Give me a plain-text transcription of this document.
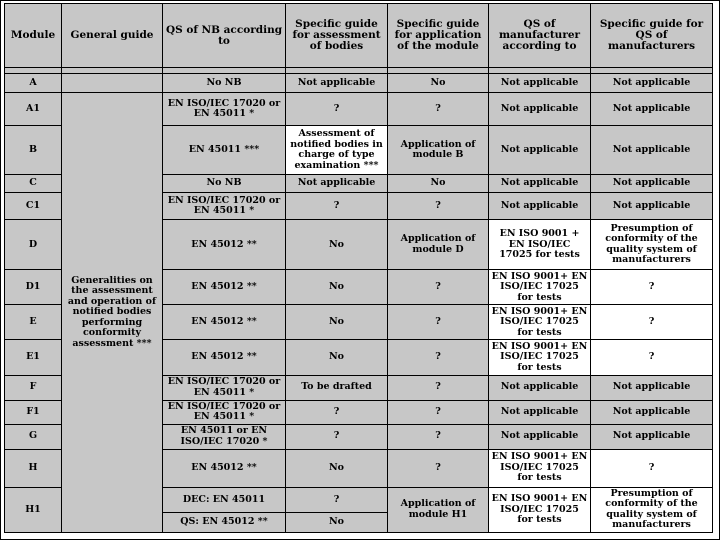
Module	General guide	QS of NB according to	Specific guide for assessment of bodies	Specific guide for application of the module	QS of manufacturer according to	Specific guide for QS of manufacturers

A		No NB	Not applicable	No	Not applicable	Not applicable
A1	Generalities on the assessment and operation of notified bodies performing conformity assessment ***	EN ISO/IEC 17020 or EN 45011 *	?	?	Not applicable	Not applicable
B		EN 45011 ***	Assessment of notified bodies in charge of type examination ***	Application of module B	Not applicable	Not applicable
C		No NB	Not applicable	No	Not applicable	Not applicable
C1		EN ISO/IEC 17020 or EN 45011 *	?	?	Not applicable	Not applicable
D		EN 45012 **	No	Application of module D	EN ISO 9001 + EN ISO/IEC 17025 for tests	Presumption of conformity of the quality system of manufacturers
D1		EN 45012 **	No	?	EN ISO 9001+ EN ISO/IEC 17025 for tests	?
E		EN 45012 **	No	?	EN ISO 9001+ EN ISO/IEC 17025 for tests	?
E1		EN 45012 **	No	?	EN ISO 9001+ EN ISO/IEC 17025 for tests	?
F		EN ISO/IEC 17020 or EN 45011 *	To be drafted	?	Not applicable	Not applicable
F1		EN ISO/IEC 17020 or EN 45011 *	?	?	Not applicable	Not applicable
G		EN 45011 or EN ISO/IEC 17020 *	?	?	Not applicable	Not applicable
H		EN 45012 **	No	?	EN ISO 9001+ EN ISO/IEC 17025 for tests	?
H1		DEC: EN 45011	?	Application of module H1	EN ISO 9001+ EN ISO/IEC 17025 for tests	Presumption of conformity of the quality system of manufacturers
		QS: EN 45012 **	No			
